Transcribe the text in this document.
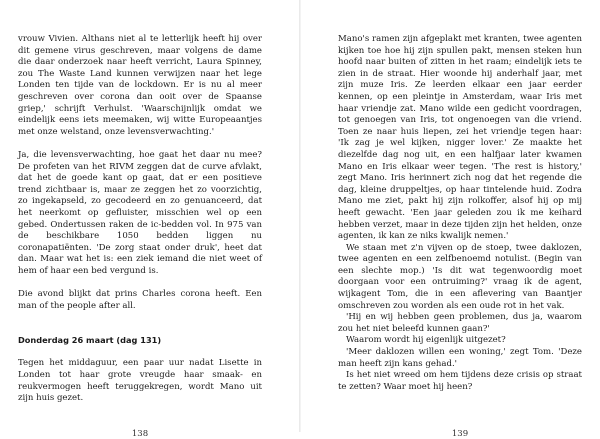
vrouw Vivien. Althans niet al te letterlijk heeft hij over dit gemene virus geschreven, maar volgens de dame die daar onderzoek naar heeft verricht, Laura Spinney, zou The Waste Land kunnen verwijzen naar het lege Londen ten tijde van de lockdown. Er is nu al meer geschreven over corona dan ooit over de Spaanse griep,' schrijft Verhulst. 'Waarschijnlijk omdat we eindelijk eens iets meemaken, wij witte Europeaantjes met onze welstand, onze levensverwachting.'

Ja, die levensverwachting, hoe gaat het daar nu mee? De profeten van het RIVM zeggen dat de curve afvlakt, dat het de goede kant op gaat, dat er een positieve trend zichtbaar is, maar ze zeggen het zo voorzichtig, zo ingekapseld, zo gecodeerd en zo genuanceerd, dat het neerkomt op gefluister, misschien wel op een gebed. Ondertussen raken de ic-bedden vol. In 975 van de beschikbare 1050 bedden liggen nu coronapatiënten. 'De zorg staat onder druk', heet dat dan. Maar wat het is: een ziek iemand die niet weet of hem of haar een bed vergund is.

Die avond blijkt dat prins Charles corona heeft. Een man of the people after all.

Donderdag 26 maart (dag 131)

Tegen het middaguur, een paar uur nadat Lisette in Londen tot haar grote vreugde haar smaak- en reukvermogen heeft teruggekregen, wordt Mano uit zijn huis gezet.

138

Mano's ramen zijn afgeplakt met kranten, twee agenten kijken toe hoe hij zijn spullen pakt, mensen steken hun hoofd naar buiten of zitten in het raam; eindelijk iets te zien in de straat. Hier woonde hij anderhalf jaar, met zijn muze Iris. Ze leerden elkaar een jaar eerder kennen, op een pleintje in Amsterdam, waar Iris met haar vriendje zat. Mano wilde een gedicht voordragen, tot genoegen van Iris, tot ongenoegen van die vriend. Toen ze naar huis liepen, zei het vriendje tegen haar: 'Ik zag je wel kijken, nigger lover.' Ze maakte het diezelfde dag nog uit, en een halfjaar later kwamen Mano en Iris elkaar weer tegen. 'The rest is history,' zegt Mano. Iris herinnert zich nog dat het regende die dag, kleine druppeltjes, op haar tintelende huid. Zodra Mano me ziet, pakt hij zijn rolkoffer, alsof hij op mij heeft gewacht. 'Een jaar geleden zou ik me keihard hebben verzet, maar in deze tijden zijn het helden, onze agenten, ik kan ze niks kwalijk nemen.'

We staan met z'n vijven op de stoep, twee daklozen, twee agenten en een zelfbenoemd notulist. (Begin van een slechte mop.) 'Is dit wat tegenwoordig moet doorgaan voor een ontruiming?' vraag ik de agent, wijkagent Tom, die in een aflevering van Baantjer omschreven zou worden als een oude rot in het vak.

'Hij en wij hebben geen problemen, dus ja, waarom zou het niet beleefd kunnen gaan?'

Waarom wordt hij eigenlijk uitgezet?

'Meer daklozen willen een woning,' zegt Tom. 'Deze man heeft zijn kans gehad.'

Is het niet wreed om hem tijdens deze crisis op straat te zetten? Waar moet hij heen?

139
